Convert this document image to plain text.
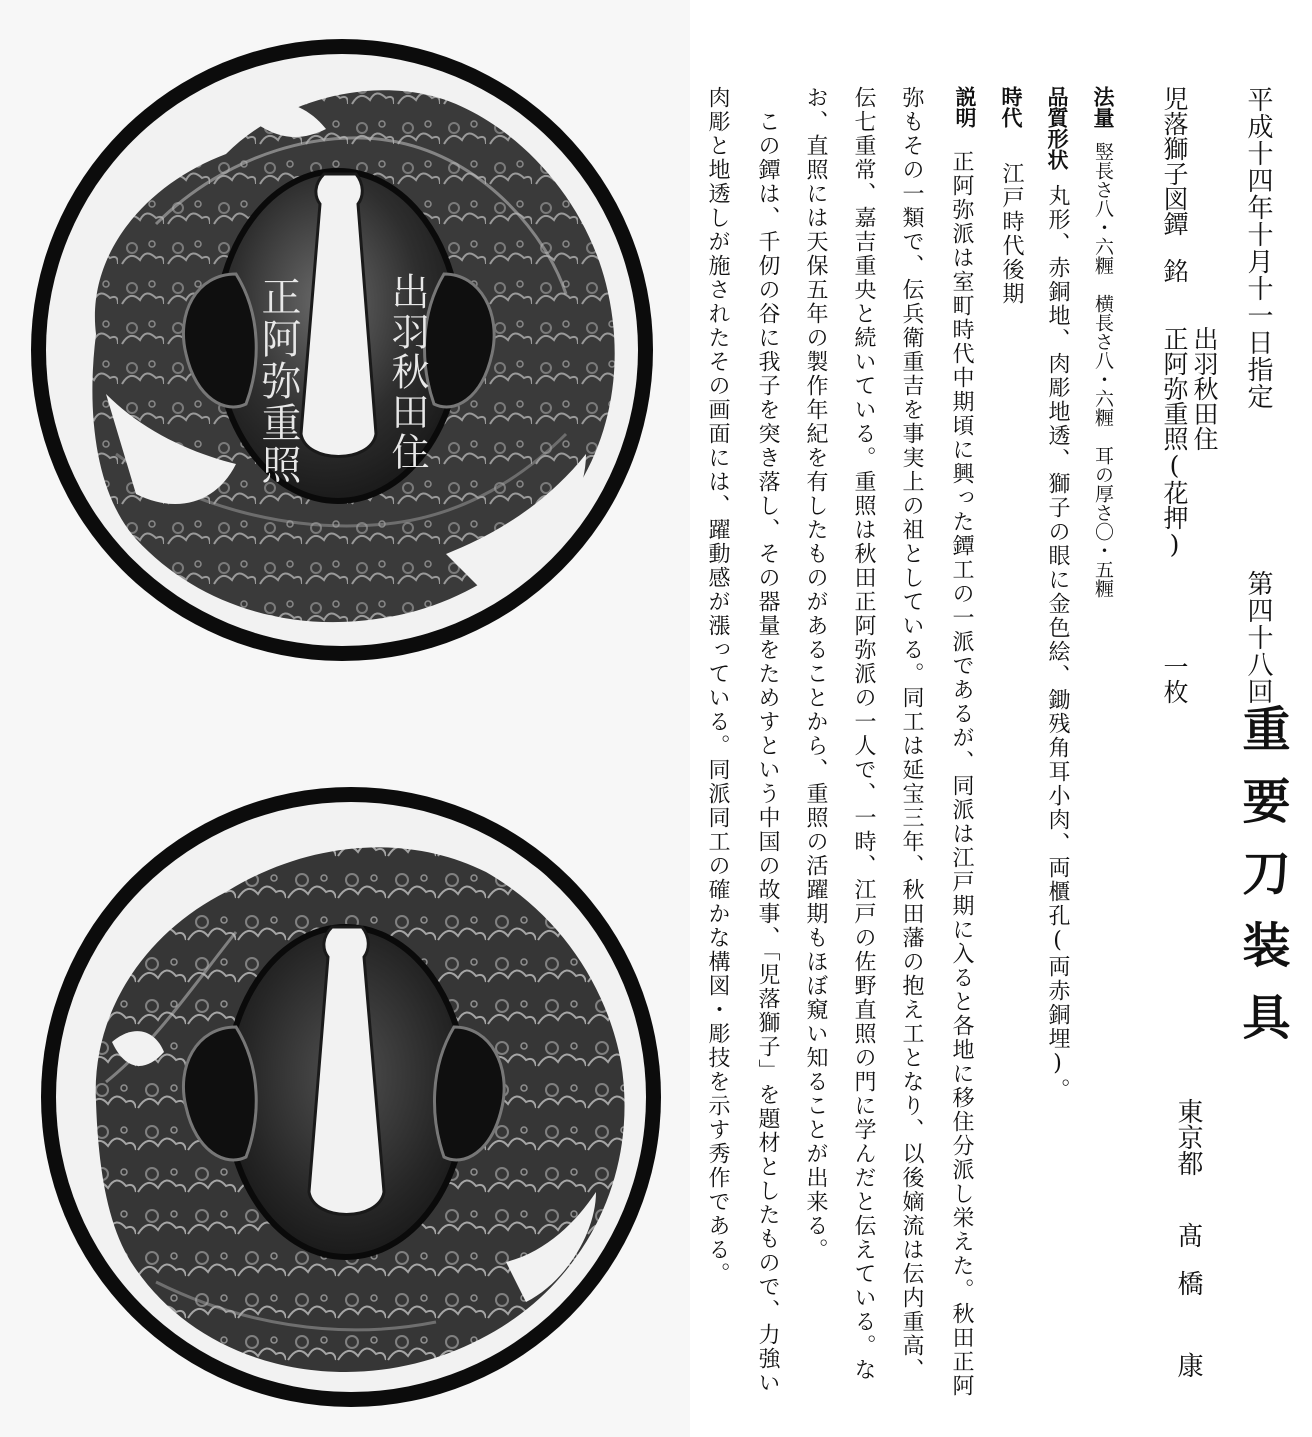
出羽秋田住
正阿弥重照	平成十四年十月十一日指定
第四十八回
重要刀装具
児落獅子図鐔
銘
出羽秋田住
正阿弥重照(花押)
一枚
東京都
髙
橋
康
法量竪長さ八・六糎　横長さ八・六糎　耳の厚さ〇・五糎
品質形状丸形、赤銅地、肉彫地透、獅子の眼に金色絵、鋤残角耳小肉、両櫃孔(両赤銅埋)。
時代江戸時代後期
説明
正阿弥派は室町時代中期頃に興った鐔工の一派であるが、同派は江戸期に入ると各地に移住分派し栄えた。秋田正阿
弥もその一類で、伝兵衛重吉を事実上の祖としている。同工は延宝三年、秋田藩の抱え工となり、以後嫡流は伝内重高、
伝七重常、嘉吉重央と続いている。重照は秋田正阿弥派の一人で、一時、江戸の佐野直照の門に学んだと伝えている。な
お、直照には天保五年の製作年紀を有したものがあることから、重照の活躍期もほぼ窺い知ることが出来る。
この鐔は、千仞の谷に我子を突き落し、その器量をためすという中国の故事、「児落獅子」を題材としたもので、力強い
肉彫と地透しが施されたその画面には、躍動感が漲っている。同派同工の確かな構図・彫技を示す秀作である。
